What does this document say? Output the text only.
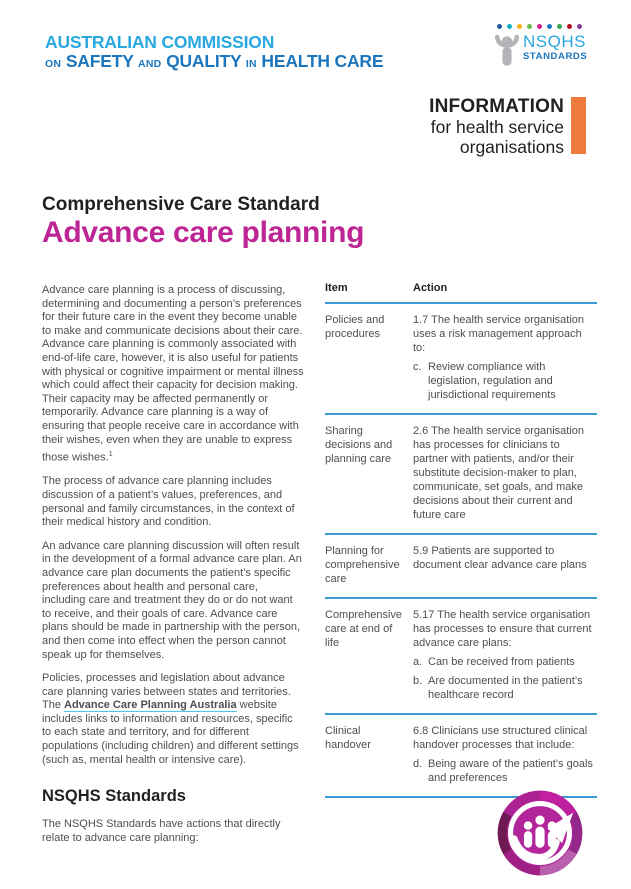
AUSTRALIAN COMMISSION
ON SAFETY AND QUALITY IN HEALTH CARE
NSQHS
STANDARDS
INFORMATION
for health service
organisations
Comprehensive Care Standard
Advance care planning

Advance care planning is a process of discussing, determining and documenting a person’s preferences for their future care in the event they become unable to make and communicate decisions about their care. Advance care planning is commonly associated with end-of-life care, however, it is also useful for patients with physical or cognitive impairment or mental illness which could affect their capacity for decision making. Their capacity may be affected permanently or temporarily. Advance care planning is a way of ensuring that people receive care in accordance with their wishes, even when they are unable to express those wishes.$^1$

The process of advance care planning includes discussion of a patient’s values, preferences, and personal and family circumstances, in the context of their medical history and condition.

An advance care planning discussion will often result in the development of a formal advance care plan. An advance care plan documents the patient’s specific preferences about health and personal care, including care and treatment they do or do not want to receive, and their goals of care. Advance care plans should be made in partnership with the person, and then come into effect when the person cannot speak up for themselves.

Policies, processes and legislation about advance care planning varies between states and territories. The Advance Care Planning Australia website includes links to information and resources, specific to each state and territory, and for different populations (including children) and different settings (such as, mental health or intensive care).

NSQHS Standards

The NSQHS Standards have actions that directly relate to advance care planning:

Item	Action
Policies and procedures
1.7 The health service organisation uses a risk management approach to:
c. Review compliance with legislation, regulation and jurisdictional requirements
Sharing decisions and planning care
2.6 The health service organisation has processes for clinicians to partner with patients, and/or their substitute decision-maker to plan, communicate, set goals, and make decisions about their current and future care
Planning for comprehensive care
5.9 Patients are supported to document clear advance care plans
Comprehensive care at end of life
5.17 The health service organisation has processes to ensure that current advance care plans:
a. Can be received from patients
b. Are documented in the patient’s healthcare record
Clinical handover
6.8 Clinicians use structured clinical handover processes that include:
d. Being aware of the patient’s goals and preferences
